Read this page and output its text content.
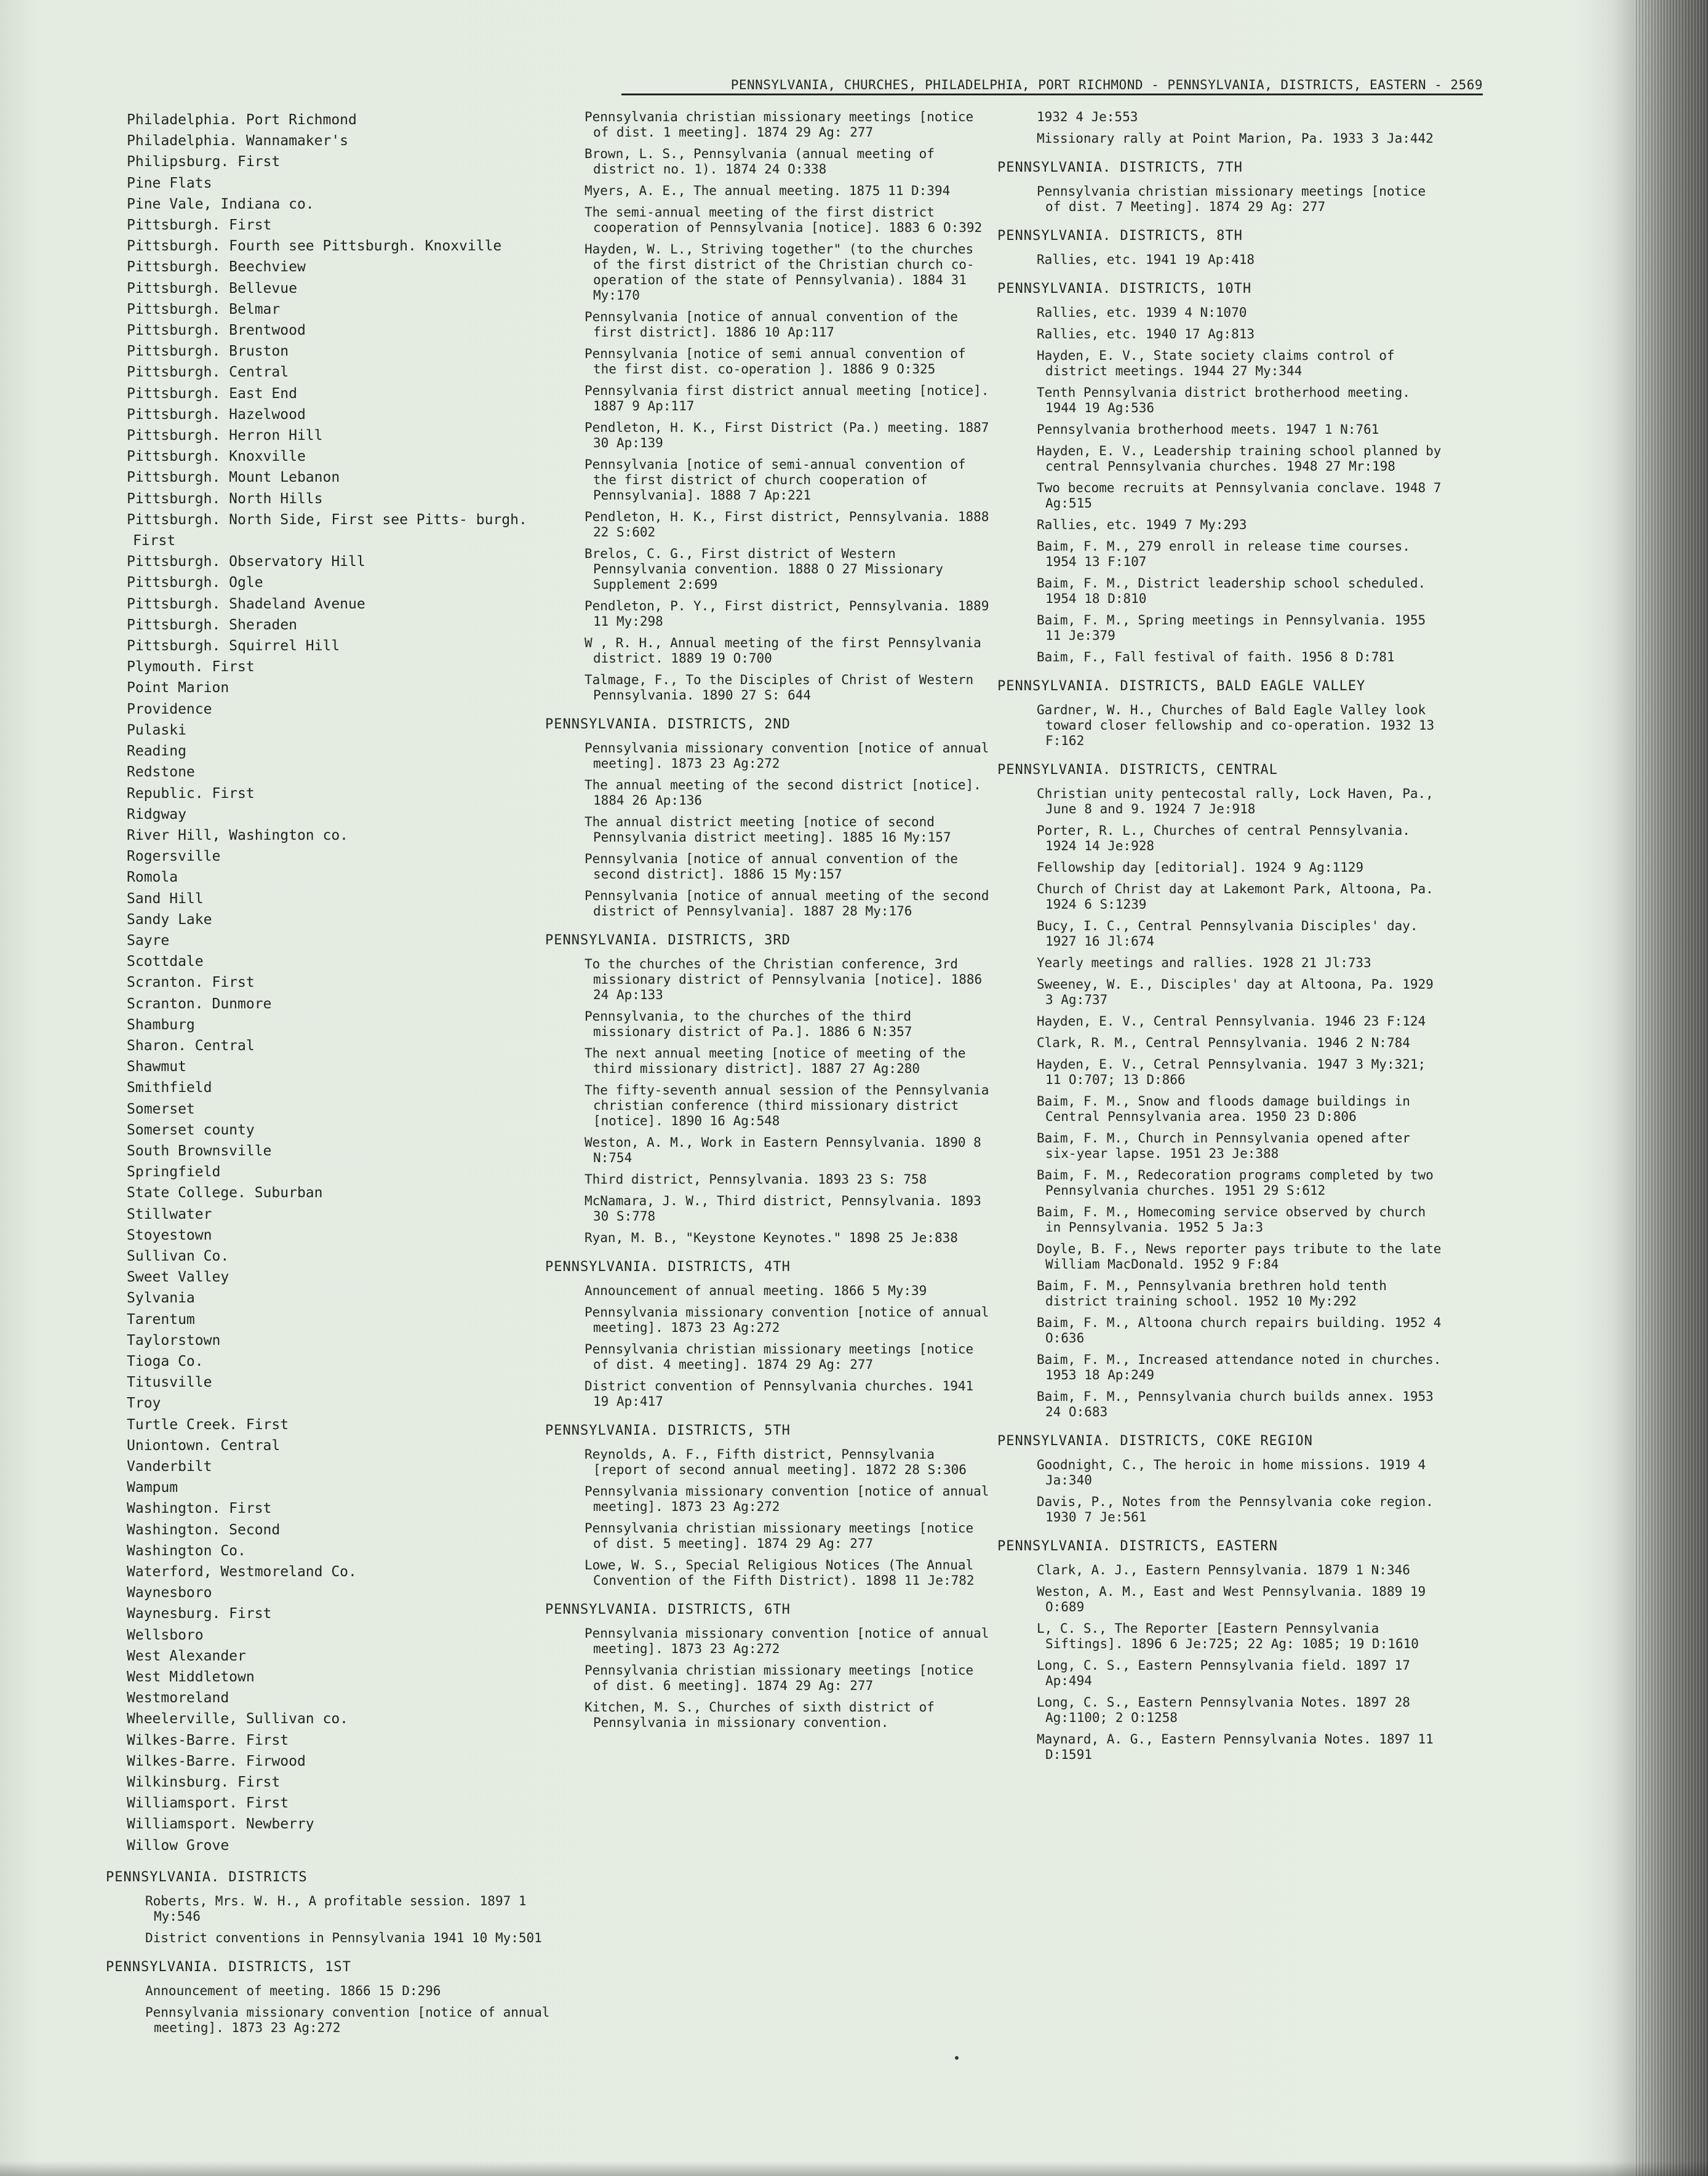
PENNSYLVANIA, CHURCHES, PHILADELPHIA, PORT RICHMOND - PENNSYLVANIA, DISTRICTS, EASTERN - 2569
Philadelphia. Port Richmond
Philadelphia. Wannamaker's
Philipsburg. First
Pine Flats
Pine Vale, Indiana co.
Pittsburgh. First
Pittsburgh. Fourth see Pittsburgh. Knoxville
Pittsburgh. Beechview
Pittsburgh. Bellevue
Pittsburgh. Belmar
Pittsburgh. Brentwood
Pittsburgh. Bruston
Pittsburgh. Central
Pittsburgh. East End
Pittsburgh. Hazelwood
Pittsburgh. Herron Hill
Pittsburgh. Knoxville
Pittsburgh. Mount Lebanon
Pittsburgh. North Hills
Pittsburgh. North Side, First see Pitts- burgh. First
Pittsburgh. Observatory Hill
Pittsburgh. Ogle
Pittsburgh. Shadeland Avenue
Pittsburgh. Sheraden
Pittsburgh. Squirrel Hill
Plymouth. First
Point Marion
Providence
Pulaski
Reading
Redstone
Republic. First
Ridgway
River Hill, Washington co.
Rogersville
Romola
Sand Hill
Sandy Lake
Sayre
Scottdale
Scranton. First
Scranton. Dunmore
Shamburg
Sharon. Central
Shawmut
Smithfield
Somerset
Somerset county
South Brownsville
Springfield
State College. Suburban
Stillwater
Stoyestown
Sullivan Co.
Sweet Valley
Sylvania
Tarentum
Taylorstown
Tioga Co.
Titusville
Troy
Turtle Creek. First
Uniontown. Central
Vanderbilt
Wampum
Washington. First
Washington. Second
Washington Co.
Waterford, Westmoreland Co.
Waynesboro
Waynesburg. First
Wellsboro
West Alexander
West Middletown
Westmoreland
Wheelerville, Sullivan co.
Wilkes-Barre. First
Wilkes-Barre. Firwood
Wilkinsburg. First
Williamsport. First
Williamsport. Newberry
Willow Grove
PENNSYLVANIA. DISTRICTS
Roberts, Mrs. W. H., A profitable session. 1897 1 My:546
District conventions in Pennsylvania 1941 10 My:501
PENNSYLVANIA. DISTRICTS, 1ST
Announcement of meeting. 1866 15 D:296
Pennsylvania missionary convention [notice of annual meeting]. 1873 23 Ag:272
Pennsylvania christian missionary meetings [notice of dist. 1 meeting]. 1874 29 Ag: 277
Brown, L. S., Pennsylvania (annual meeting of district no. 1). 1874 24 O:338
Myers, A. E., The annual meeting. 1875 11 D:394
The semi-annual meeting of the first district cooperation of Pennsylvania [notice]. 1883 6 O:392
Hayden, W. L., Striving together" (to the churches of the first district of the Christian church co-operation of the state of Pennsylvania). 1884 31 My:170
Pennsylvania [notice of annual convention of the first district]. 1886 10 Ap:117
Pennsylvania [notice of semi annual convention of the first dist. co-operation ]. 1886 9 O:325
Pennsylvania first district annual meeting [notice]. 1887 9 Ap:117
Pendleton, H. K., First District (Pa.) meeting. 1887 30 Ap:139
Pennsylvania [notice of semi-annual convention of the first district of church cooperation of Pennsylvania]. 1888 7 Ap:221
Pendleton, H. K., First district, Pennsylvania. 1888 22 S:602
Brelos, C. G., First district of Western Pennsylvania convention. 1888 O 27 Missionary Supplement 2:699
Pendleton, P. Y., First district, Pennsylvania. 1889 11 My:298
W , R. H., Annual meeting of the first Pennsylvania district. 1889 19 O:700
Talmage, F., To the Disciples of Christ of Western Pennsylvania. 1890 27 S: 644
PENNSYLVANIA. DISTRICTS, 2ND
Pennsylvania missionary convention [notice of annual meeting]. 1873 23 Ag:272
The annual meeting of the second district [notice]. 1884 26 Ap:136
The annual district meeting [notice of second Pennsylvania district meeting]. 1885 16 My:157
Pennsylvania [notice of annual convention of the second district]. 1886 15 My:157
Pennsylvania [notice of annual meeting of the second district of Pennsylvania]. 1887 28 My:176
PENNSYLVANIA. DISTRICTS, 3RD
To the churches of the Christian conference, 3rd missionary district of Pennsylvania [notice]. 1886 24 Ap:133
Pennsylvania, to the churches of the third missionary district of Pa.]. 1886 6 N:357
The next annual meeting [notice of meeting of the third missionary district]. 1887 27 Ag:280
The fifty-seventh annual session of the Pennsylvania christian conference (third missionary district [notice]. 1890 16 Ag:548
Weston, A. M., Work in Eastern Pennsylvania. 1890 8 N:754
Third district, Pennsylvania. 1893 23 S: 758
McNamara, J. W., Third district, Pennsylvania. 1893 30 S:778
Ryan, M. B., "Keystone Keynotes." 1898 25 Je:838
PENNSYLVANIA. DISTRICTS, 4TH
Announcement of annual meeting. 1866 5 My:39
Pennsylvania missionary convention [notice of annual meeting]. 1873 23 Ag:272
Pennsylvania christian missionary meetings [notice of dist. 4 meeting]. 1874 29 Ag: 277
District convention of Pennsylvania churches. 1941 19 Ap:417
PENNSYLVANIA. DISTRICTS, 5TH
Reynolds, A. F., Fifth district, Pennsylvania [report of second annual meeting]. 1872 28 S:306
Pennsylvania missionary convention [notice of annual meeting]. 1873 23 Ag:272
Pennsylvania christian missionary meetings [notice of dist. 5 meeting]. 1874 29 Ag: 277
Lowe, W. S., Special Religious Notices (The Annual Convention of the Fifth District). 1898 11 Je:782
PENNSYLVANIA. DISTRICTS, 6TH
Pennsylvania missionary convention [notice of annual meeting]. 1873 23 Ag:272
Pennsylvania christian missionary meetings [notice of dist. 6 meeting]. 1874 29 Ag: 277
Kitchen, M. S., Churches of sixth district of Pennsylvania in missionary convention.
1932 4 Je:553
Missionary rally at Point Marion, Pa. 1933 3 Ja:442
PENNSYLVANIA. DISTRICTS, 7TH
Pennsylvania christian missionary meetings [notice of dist. 7 Meeting]. 1874 29 Ag: 277
PENNSYLVANIA. DISTRICTS, 8TH
Rallies, etc. 1941 19 Ap:418
PENNSYLVANIA. DISTRICTS, 10TH
Rallies, etc. 1939 4 N:1070
Rallies, etc. 1940 17 Ag:813
Hayden, E. V., State society claims control of district meetings. 1944 27 My:344
Tenth Pennsylvania district brotherhood meeting. 1944 19 Ag:536
Pennsylvania brotherhood meets. 1947 1 N:761
Hayden, E. V., Leadership training school planned by central Pennsylvania churches. 1948 27 Mr:198
Two become recruits at Pennsylvania conclave. 1948 7 Ag:515
Rallies, etc. 1949 7 My:293
Baim, F. M., 279 enroll in release time courses. 1954 13 F:107
Baim, F. M., District leadership school scheduled. 1954 18 D:810
Baim, F. M., Spring meetings in Pennsylvania. 1955 11 Je:379
Baim, F., Fall festival of faith. 1956 8 D:781
PENNSYLVANIA. DISTRICTS, BALD EAGLE VALLEY
Gardner, W. H., Churches of Bald Eagle Valley look toward closer fellowship and co-operation. 1932 13 F:162
PENNSYLVANIA. DISTRICTS, CENTRAL
Christian unity pentecostal rally, Lock Haven, Pa., June 8 and 9. 1924 7 Je:918
Porter, R. L., Churches of central Pennsylvania. 1924 14 Je:928
Fellowship day [editorial]. 1924 9 Ag:1129
Church of Christ day at Lakemont Park, Altoona, Pa. 1924 6 S:1239
Bucy, I. C., Central Pennsylvania Disciples' day. 1927 16 Jl:674
Yearly meetings and rallies. 1928 21 Jl:733
Sweeney, W. E., Disciples' day at Altoona, Pa. 1929 3 Ag:737
Hayden, E. V., Central Pennsylvania. 1946 23 F:124
Clark, R. M., Central Pennsylvania. 1946 2 N:784
Hayden, E. V., Cetral Pennsylvania. 1947 3 My:321; 11 O:707; 13 D:866
Baim, F. M., Snow and floods damage buildings in Central Pennsylvania area. 1950 23 D:806
Baim, F. M., Church in Pennsylvania opened after six-year lapse. 1951 23 Je:388
Baim, F. M., Redecoration programs completed by two Pennsylvania churches. 1951 29 S:612
Baim, F. M., Homecoming service observed by church in Pennsylvania. 1952 5 Ja:3
Doyle, B. F., News reporter pays tribute to the late William MacDonald. 1952 9 F:84
Baim, F. M., Pennsylvania brethren hold tenth district training school. 1952 10 My:292
Baim, F. M., Altoona church repairs building. 1952 4 O:636
Baim, F. M., Increased attendance noted in churches. 1953 18 Ap:249
Baim, F. M., Pennsylvania church builds annex. 1953 24 O:683
PENNSYLVANIA. DISTRICTS, COKE REGION
Goodnight, C., The heroic in home missions. 1919 4 Ja:340
Davis, P., Notes from the Pennsylvania coke region. 1930 7 Je:561
PENNSYLVANIA. DISTRICTS, EASTERN
Clark, A. J., Eastern Pennsylvania. 1879 1 N:346
Weston, A. M., East and West Pennsylvania. 1889 19 O:689
L, C. S., The Reporter [Eastern Pennsylvania Siftings]. 1896 6 Je:725; 22 Ag: 1085; 19 D:1610
Long, C. S., Eastern Pennsylvania field. 1897 17 Ap:494
Long, C. S., Eastern Pennsylvania Notes. 1897 28 Ag:1100; 2 O:1258
Maynard, A. G., Eastern Pennsylvania Notes. 1897 11 D:1591
